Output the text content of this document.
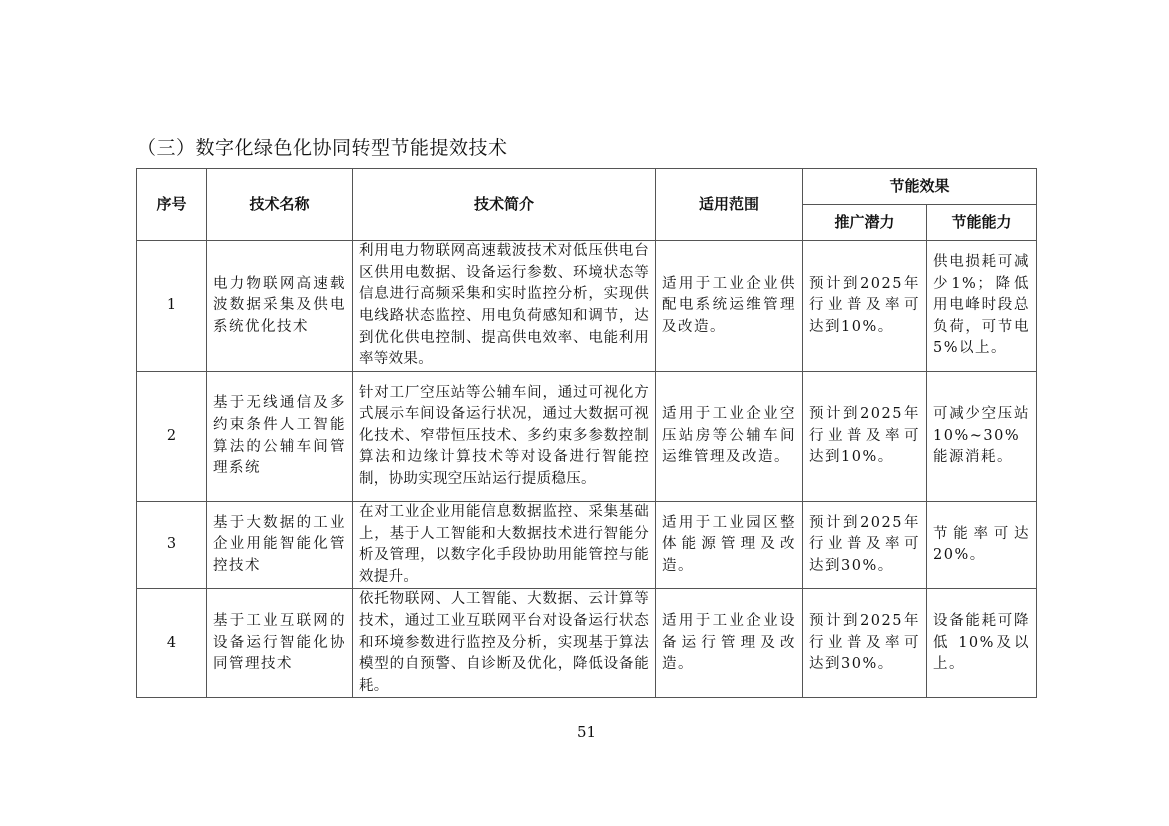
（三）数字化绿色化协同转型节能提效技术
序号	技术名称	技术简介	适用范围	节能效果	
				推广潜力	节能能力
1	电力物联网高速载波数据采集及供电系统优化技术	利用电力物联网高速载波技术对低压供电台区供用电数据、设备运行参数、环境状态等信息进行高频采集和实时监控分析，实现供电线路状态监控、用电负荷感知和调节，达到优化供电控制、提高供电效率、电能利用率等效果。	适用于工业企业供配电系统运维管理及改造。	预计到2025年行业普及率可达到10%。	供电损耗可减少1%；降低用电峰时段总负荷，可节电 5%以上。
2	基于无线通信及多约束条件人工智能算法的公辅车间管理系统	针对工厂空压站等公辅车间，通过可视化方式展示车间设备运行状况，通过大数据可视化技术、窄带恒压技术、多约束多参数控制算法和边缘计算技术等对设备进行智能控制，协助实现空压站运行提质稳压。	适用于工业企业空压站房等公辅车间运维管理及改造。	预计到2025年行业普及率可达到10%。	可减少空压站 10%~30%能源消耗。
3	基于大数据的工业企业用能智能化管控技术	在对工业企业用能信息数据监控、采集基础上，基于人工智能和大数据技术进行智能分析及管理，以数字化手段协助用能管控与能效提升。	适用于工业园区整体能源管理及改造。	预计到2025年行业普及率可达到30%。	节能率可达20%。
4	基于工业互联网的设备运行智能化协同管理技术	依托物联网、人工智能、大数据、云计算等技术，通过工业互联网平台对设备运行状态和环境参数进行监控及分析，实现基于算法模型的自预警、自诊断及优化，降低设备能耗。	适用于工业企业设备运行管理及改造。	预计到2025年行业普及率可达到30%。	设备能耗可降低 10%及以上。
51
